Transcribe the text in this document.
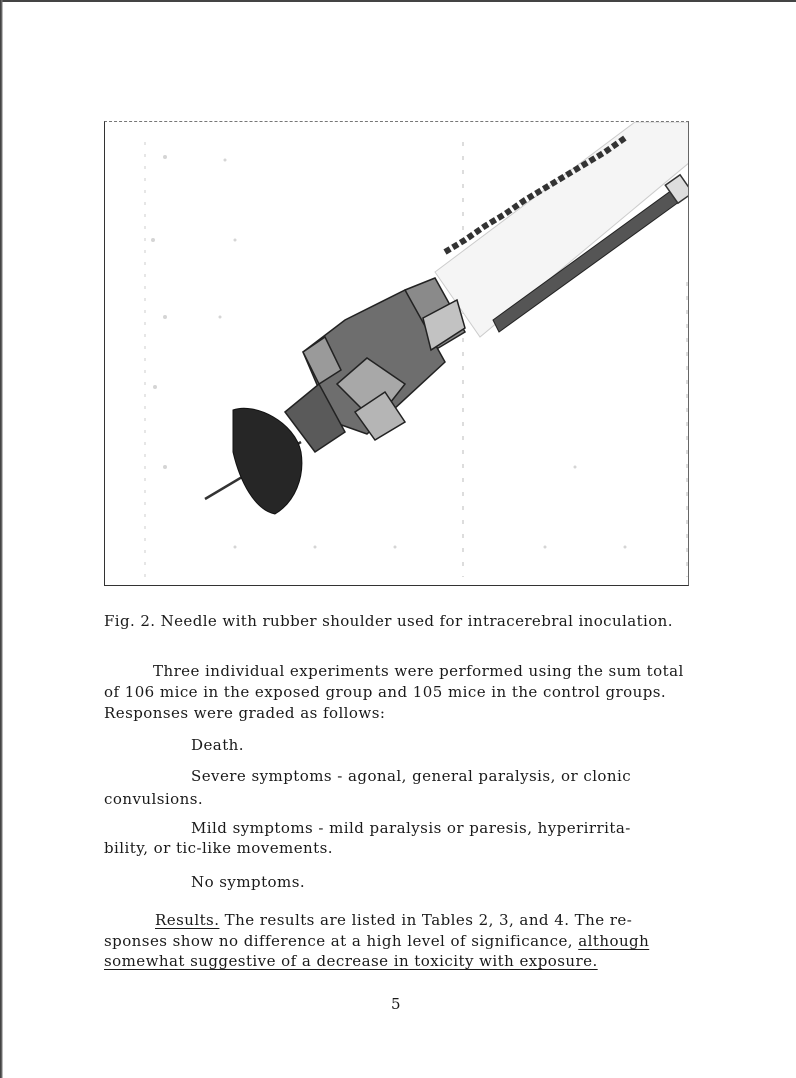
Fig. 2. Needle with rubber shoulder used for intracerebral inoculation.
Three individual experiments were performed using the sum total
of 106 mice in the exposed group and 105 mice in the control groups.
Responses were graded as follows:
Death.
Severe symptoms - agonal, general paralysis, or clonic
convulsions.
Mild symptoms - mild paralysis or paresis, hyperirrita-
bility, or tic-like movements.
No symptoms.
Results. The results are listed in Tables 2, 3, and 4. The re-
sponses show no difference at a high level of significance, although
somewhat suggestive of a decrease in toxicity with exposure.
5
